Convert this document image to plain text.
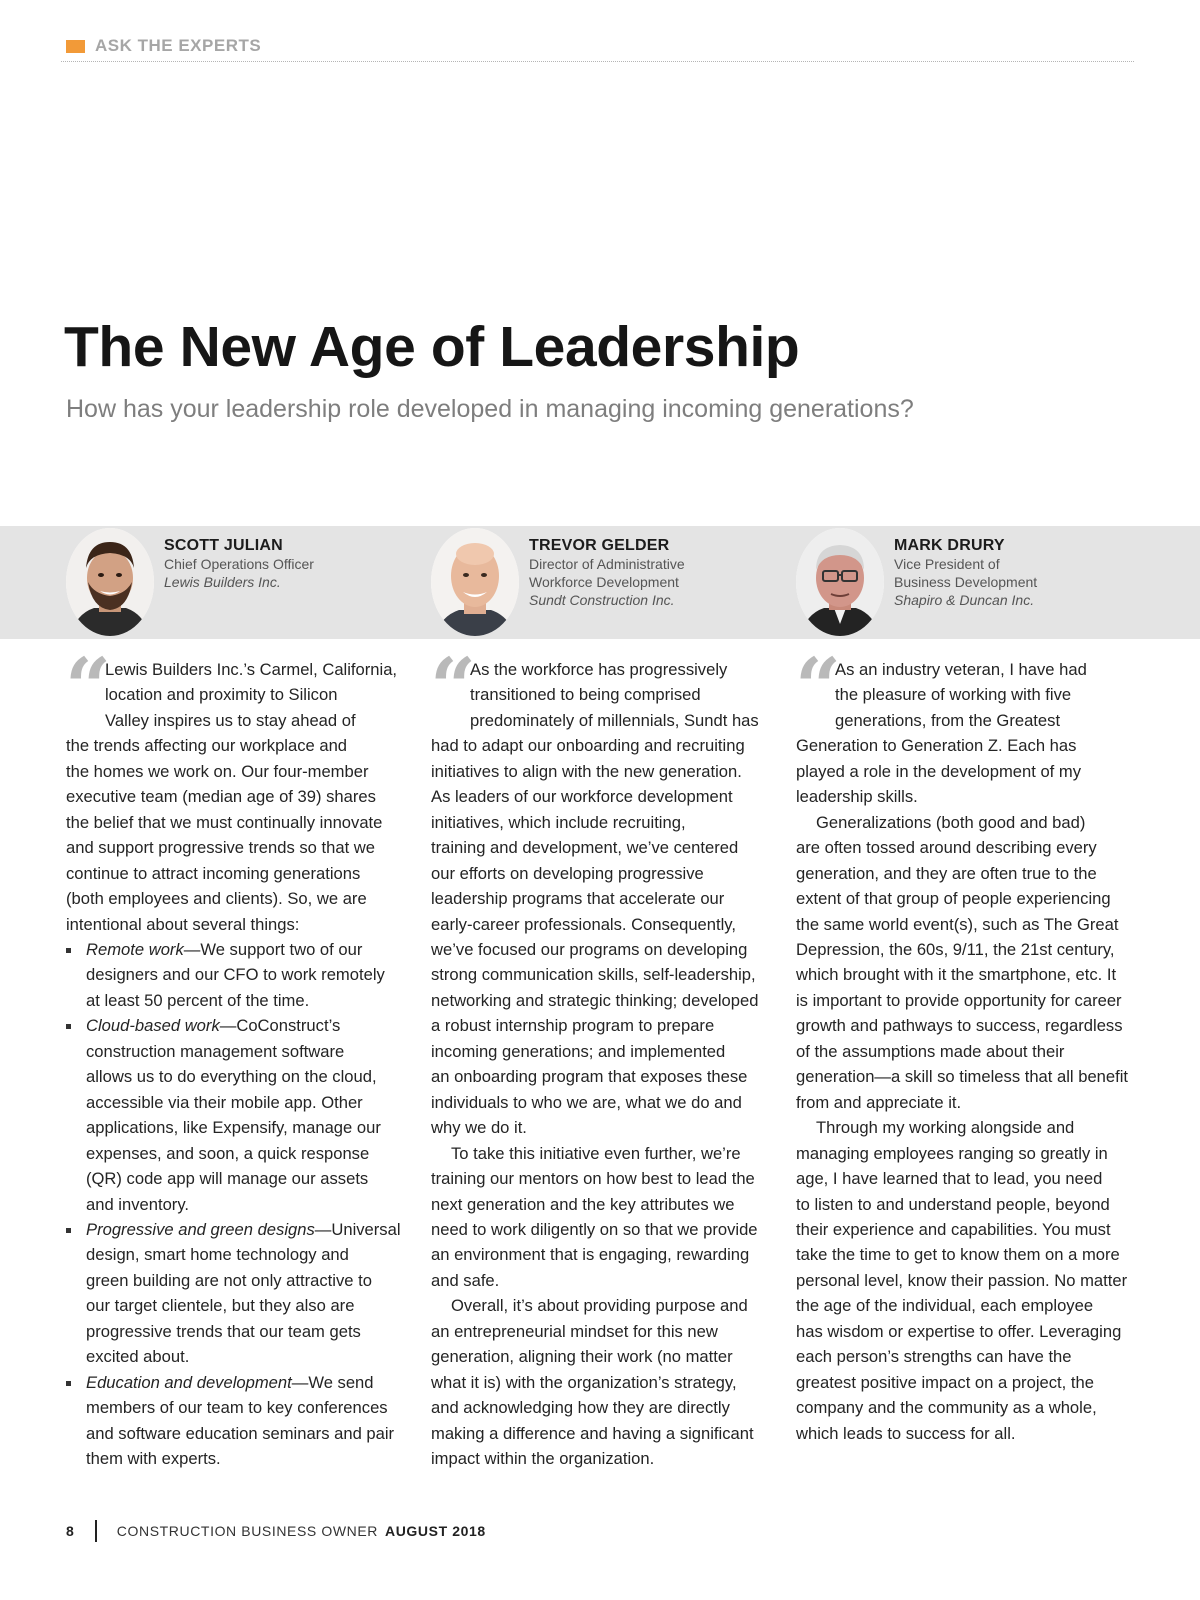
ASK THE EXPERTS
The New Age of Leadership
How has your leadership role developed in managing incoming generations?
SCOTT JULIAN
Chief Operations Officer
Lewis Builders Inc.
TREVOR GELDER
Director of Administrative
Workforce Development
Sundt Construction Inc.
MARK DRURY
Vice President of
Business Development
Shapiro & Duncan Inc.
“

Lewis Builders Inc.’s Carmel, California,

location and proximity to Silicon

Valley inspires us to stay ahead of

the trends affecting our workplace and

the homes we work on. Our four-member

executive team (median age of 39) shares

the belief that we must continually innovate

and support progressive trends so that we

continue to attract incoming generations

(both employees and clients). So, we are

intentional about several things:

Remote work—We support two of our

designers and our CFO to work remotely

at least 50 percent of the time.

Cloud-based work—CoConstruct’s

construction management software

allows us to do everything on the cloud,

accessible via their mobile app. Other

applications, like Expensify, manage our

expenses, and soon, a quick response

(QR) code app will manage our assets

and inventory.

Progressive and green designs—Universal

design, smart home technology and

green building are not only attractive to

our target clientele, but they also are

progressive trends that our team gets

excited about.

Education and development—We send

members of our team to key conferences

and software education seminars and pair

them with experts.

“

As the workforce has progressively

transitioned to being comprised

predominately of millennials, Sundt has

had to adapt our onboarding and recruiting

initiatives to align with the new generation.

As leaders of our workforce development

initiatives, which include recruiting,

training and development, we’ve centered

our efforts on developing progressive

leadership programs that accelerate our

early-career professionals. Consequently,

we’ve focused our programs on developing

strong communication skills, self-leadership,

networking and strategic thinking; developed

a robust internship program to prepare

incoming generations; and implemented

an onboarding program that exposes these

individuals to who we are, what we do and

why we do it.

To take this initiative even further, we’re

training our mentors on how best to lead the

next generation and the key attributes we

need to work diligently on so that we provide

an environment that is engaging, rewarding

and safe.

Overall, it’s about providing purpose and

an entrepreneurial mindset for this new

generation, aligning their work (no matter

what it is) with the organization’s strategy,

and acknowledging how they are directly

making a difference and having a significant

impact within the organization.

“

As an industry veteran, I have had

the pleasure of working with five

generations, from the Greatest

Generation to Generation Z. Each has

played a role in the development of my

leadership skills.

Generalizations (both good and bad)

are often tossed around describing every

generation, and they are often true to the

extent of that group of people experiencing

the same world event(s), such as The Great

Depression, the 60s, 9/11, the 21st century,

which brought with it the smartphone, etc. It

is important to provide opportunity for career

growth and pathways to success, regardless

of the assumptions made about their

generation—a skill so timeless that all benefit

from and appreciate it.

Through my working alongside and

managing employees ranging so greatly in

age, I have learned that to lead, you need

to listen to and understand people, beyond

their experience and capabilities. You must

take the time to get to know them on a more

personal level, know their passion. No matter

the age of the individual, each employee

has wisdom or expertise to offer. Leveraging

each person’s strengths can have the

greatest positive impact on a project, the

company and the community as a whole,

which leads to success for all.

8	CONSTRUCTION BUSINESS OWNER AUGUST 2018
